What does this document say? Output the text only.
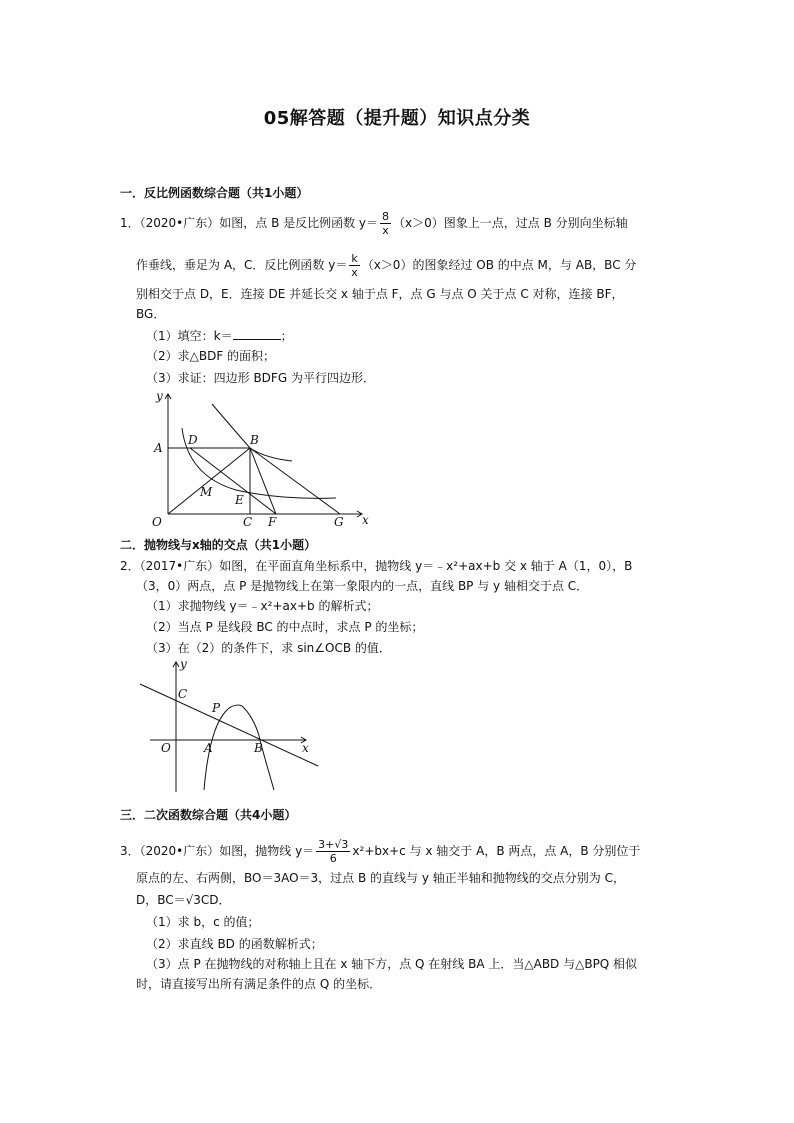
05解答题（提升题）知识点分类
一．反比例函数综合题（共1小题）
1．（2020•广东）如图，点 B 是反比例函数 $y= \frac{8}{x} (x>0)$图象上一点，过点 B 分别向坐标轴
作垂线，垂足为 A，C．反比例函数 $y= \frac{k}{x} (x>0)$的图象经过 OB 的中点 M，与 AB，BC 分
别相交于点 D，E．连接 DE 并延长交 x 轴于点 F，点 G 与点 O 关于点 C 对称，连接 BF，
BG．
（1）填空：k＝	；
（2）求△BDF 的面积；
（3）求证：四边形 BDFG 为平行四边形．
y
A
D	B
M
E
O	C F	G x
二．抛物线与x轴的交点（共1小题）
2．（2017•广东）如图，在平面直角坐标系中，抛物线 y＝﹣x²+ax+b 交 x 轴于 A（1，0），B
（3，0）两点，点 P 是抛物线上在第一象限内的一点，直线 BP 与 y 轴相交于点 C．
（1）求抛物线 y＝﹣x²+ax+b 的解析式；
（2）当点 P 是线段 BC 的中点时，求点 P 的坐标；
（3）在（2）的条件下，求 sin∠OCB 的值．
y
C
P
O	A	B	x
三．二次函数综合题（共4小题）
3．（2020•广东）如图，抛物线 $y= \frac{3+√3}{6} x^2+bx+c$ 与 x 轴交于 A，B 两点，点 A，B 分别位于
原点的左、右两侧，BO＝3AO＝3，过点 B 的直线与 y 轴正半轴和抛物线的交点分别为 C，
D，BC＝√3CD．
（1）求 b，c 的值；
（2）求直线 BD 的函数解析式；
（3）点 P 在抛物线的对称轴上且在 x 轴下方，点 Q 在射线 BA 上．当△ABD 与△BPQ 相似
时，请直接写出所有满足条件的点 Q 的坐标．
